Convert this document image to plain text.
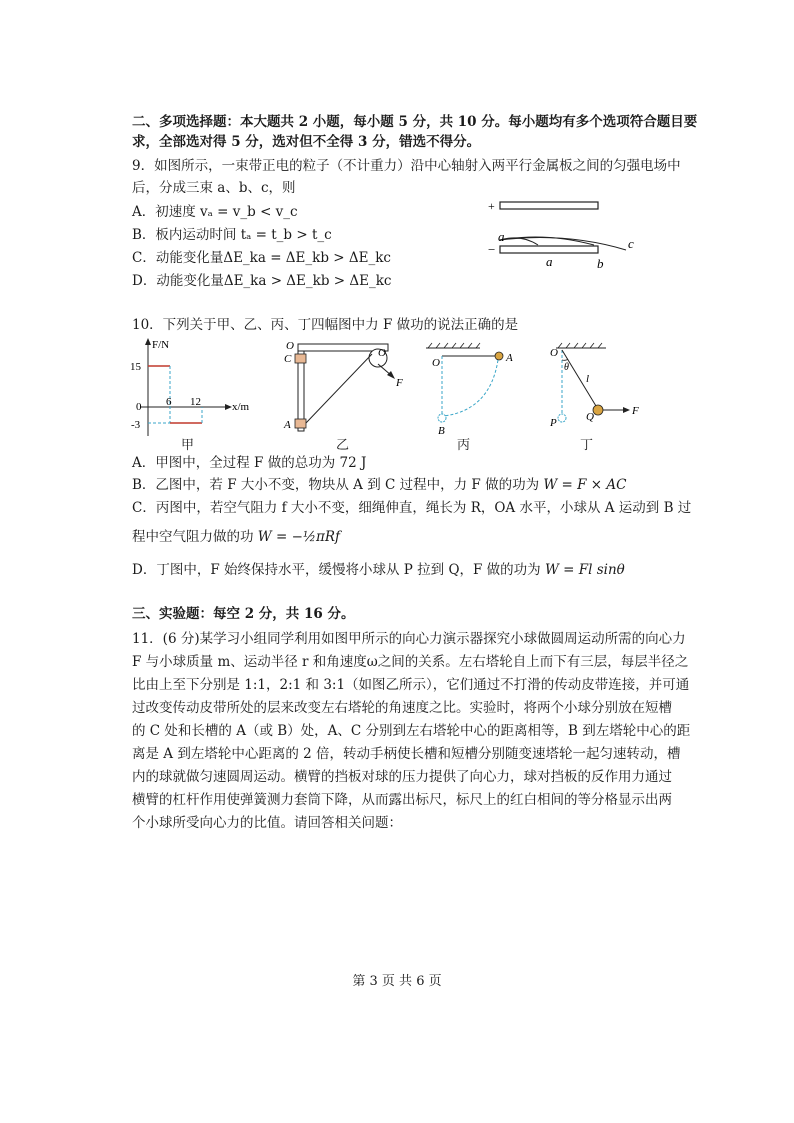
二、多项选择题：本大题共 2 小题，每小题 5 分，共 10 分。每小题均有多个选项符合题目要
求，全部选对得 5 分，选对但不全得 3 分，错选不得分。
9．如图所示，一束带正电的粒子（不计重力）沿中心轴射入两平行金属板之间的匀强电场中
后，分成三束 a、b、c，则
A．初速度 vₐ = v_b < v_c
B．板内运动时间 tₐ = t_b > t_c
C．动能变化量ΔE_ka = ΔE_kb > ΔE_kc
D．动能变化量ΔE_ka > ΔE_kb > ΔE_kc
+
−
a
a	b
c
10．下列关于甲、乙、丙、丁四幅图中力 F 做功的说法正确的是
F/N
x/m
15
0
-3
6 12
甲
O
O
C
A
F
乙
O	A
B
丙
O
θ
l
P	Q	F
丁
A．甲图中，全过程 F 做的总功为 72 J
B．乙图中，若 F 大小不变，物块从 A 到 C 过程中，力 F 做的功为 W = F × AC
C．丙图中，若空气阻力 f 大小不变，细绳伸直，绳长为 R，OA 水平，小球从 A 运动到 B 过
程中空气阻力做的功 W = −½πRf
D．丁图中，F 始终保持水平，缓慢将小球从 P 拉到 Q，F 做的功为 W = Fl sinθ
三、实验题：每空 2 分，共 16 分。
11．(6 分)某学习小组同学利用如图甲所示的向心力演示器探究小球做圆周运动所需的向心力
F 与小球质量 m、运动半径 r 和角速度ω之间的关系。左右塔轮自上而下有三层，每层半径之
比由上至下分别是 1:1，2:1 和 3:1（如图乙所示），它们通过不打滑的传动皮带连接，并可通
过改变传动皮带所处的层来改变左右塔轮的角速度之比。实验时，将两个小球分别放在短槽
的 C 处和长槽的 A（或 B）处，A、C 分别到左右塔轮中心的距离相等，B 到左塔轮中心的距
离是 A 到左塔轮中心距离的 2 倍，转动手柄使长槽和短槽分别随变速塔轮一起匀速转动，槽
内的球就做匀速圆周运动。横臂的挡板对球的压力提供了向心力，球对挡板的反作用力通过
横臂的杠杆作用使弹簧测力套筒下降，从而露出标尺，标尺上的红白相间的等分格显示出两
个小球所受向心力的比值。请回答相关问题：
第 3 页 共 6 页
